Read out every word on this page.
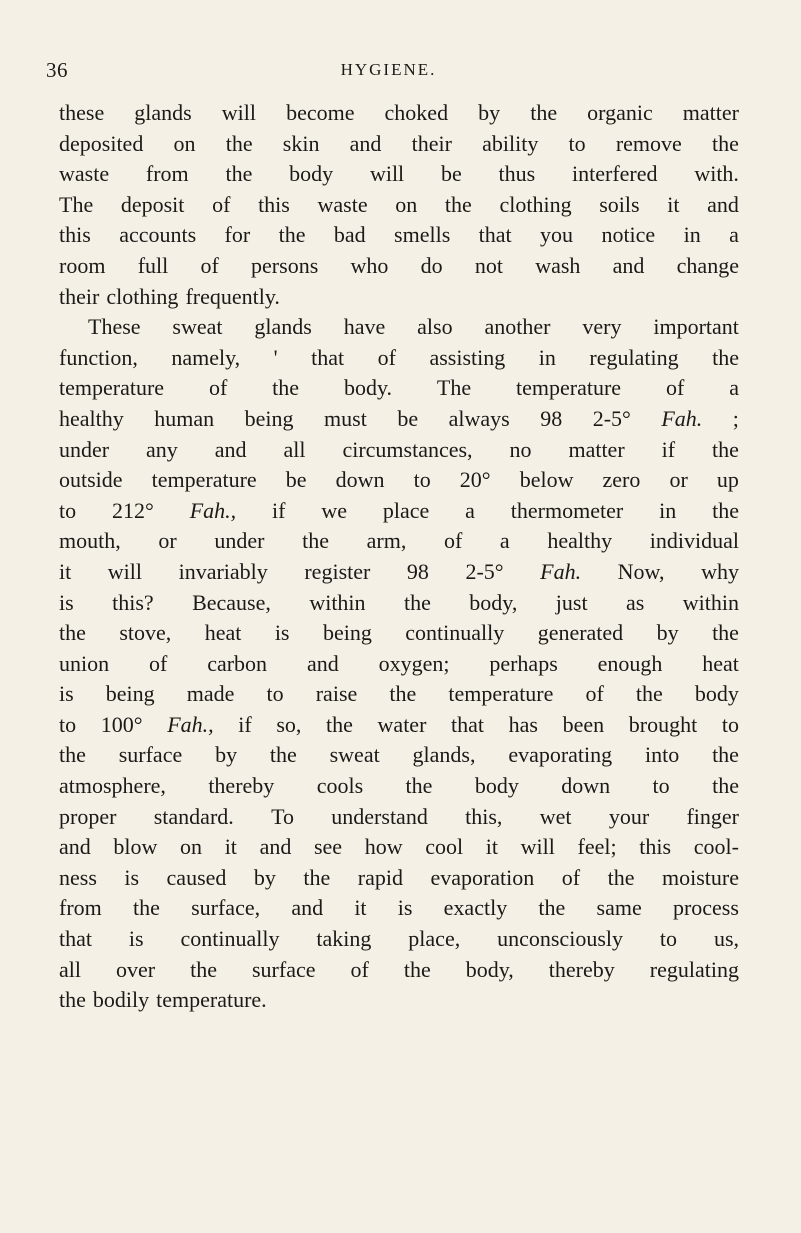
36	HYGIENE.
these glands will become choked by the organic matter
deposited on the skin and their ability to remove the
waste from the body will be thus interfered with.
The deposit of this waste on the clothing soils it and
this accounts for the bad smells that you notice in a
room full of persons who do not wash and change
their clothing frequently.
These sweat glands have also another very important
function, namely, ' that of assisting in regulating the
temperature of the body. The temperature of a
healthy human being must be always 98 2-5° Fah. ;
under any and all circumstances, no matter if the
outside temperature be down to 20° below zero or up
to 212° Fah., if we place a thermometer in the
mouth, or under the arm, of a healthy individual
it will invariably register 98 2-5° Fah. Now, why
is this? Because, within the body, just as within
the stove, heat is being continually generated by the
union of carbon and oxygen; perhaps enough heat
is being made to raise the temperature of the body
to 100° Fah., if so, the water that has been brought to
the surface by the sweat glands, evaporating into the
atmosphere, thereby cools the body down to the
proper standard. To understand this, wet your finger
and blow on it and see how cool it will feel; this cool-
ness is caused by the rapid evaporation of the moisture
from the surface, and it is exactly the same process
that is continually taking place, unconsciously to us,
all over the surface of the body, thereby regulating
the bodily temperature.
